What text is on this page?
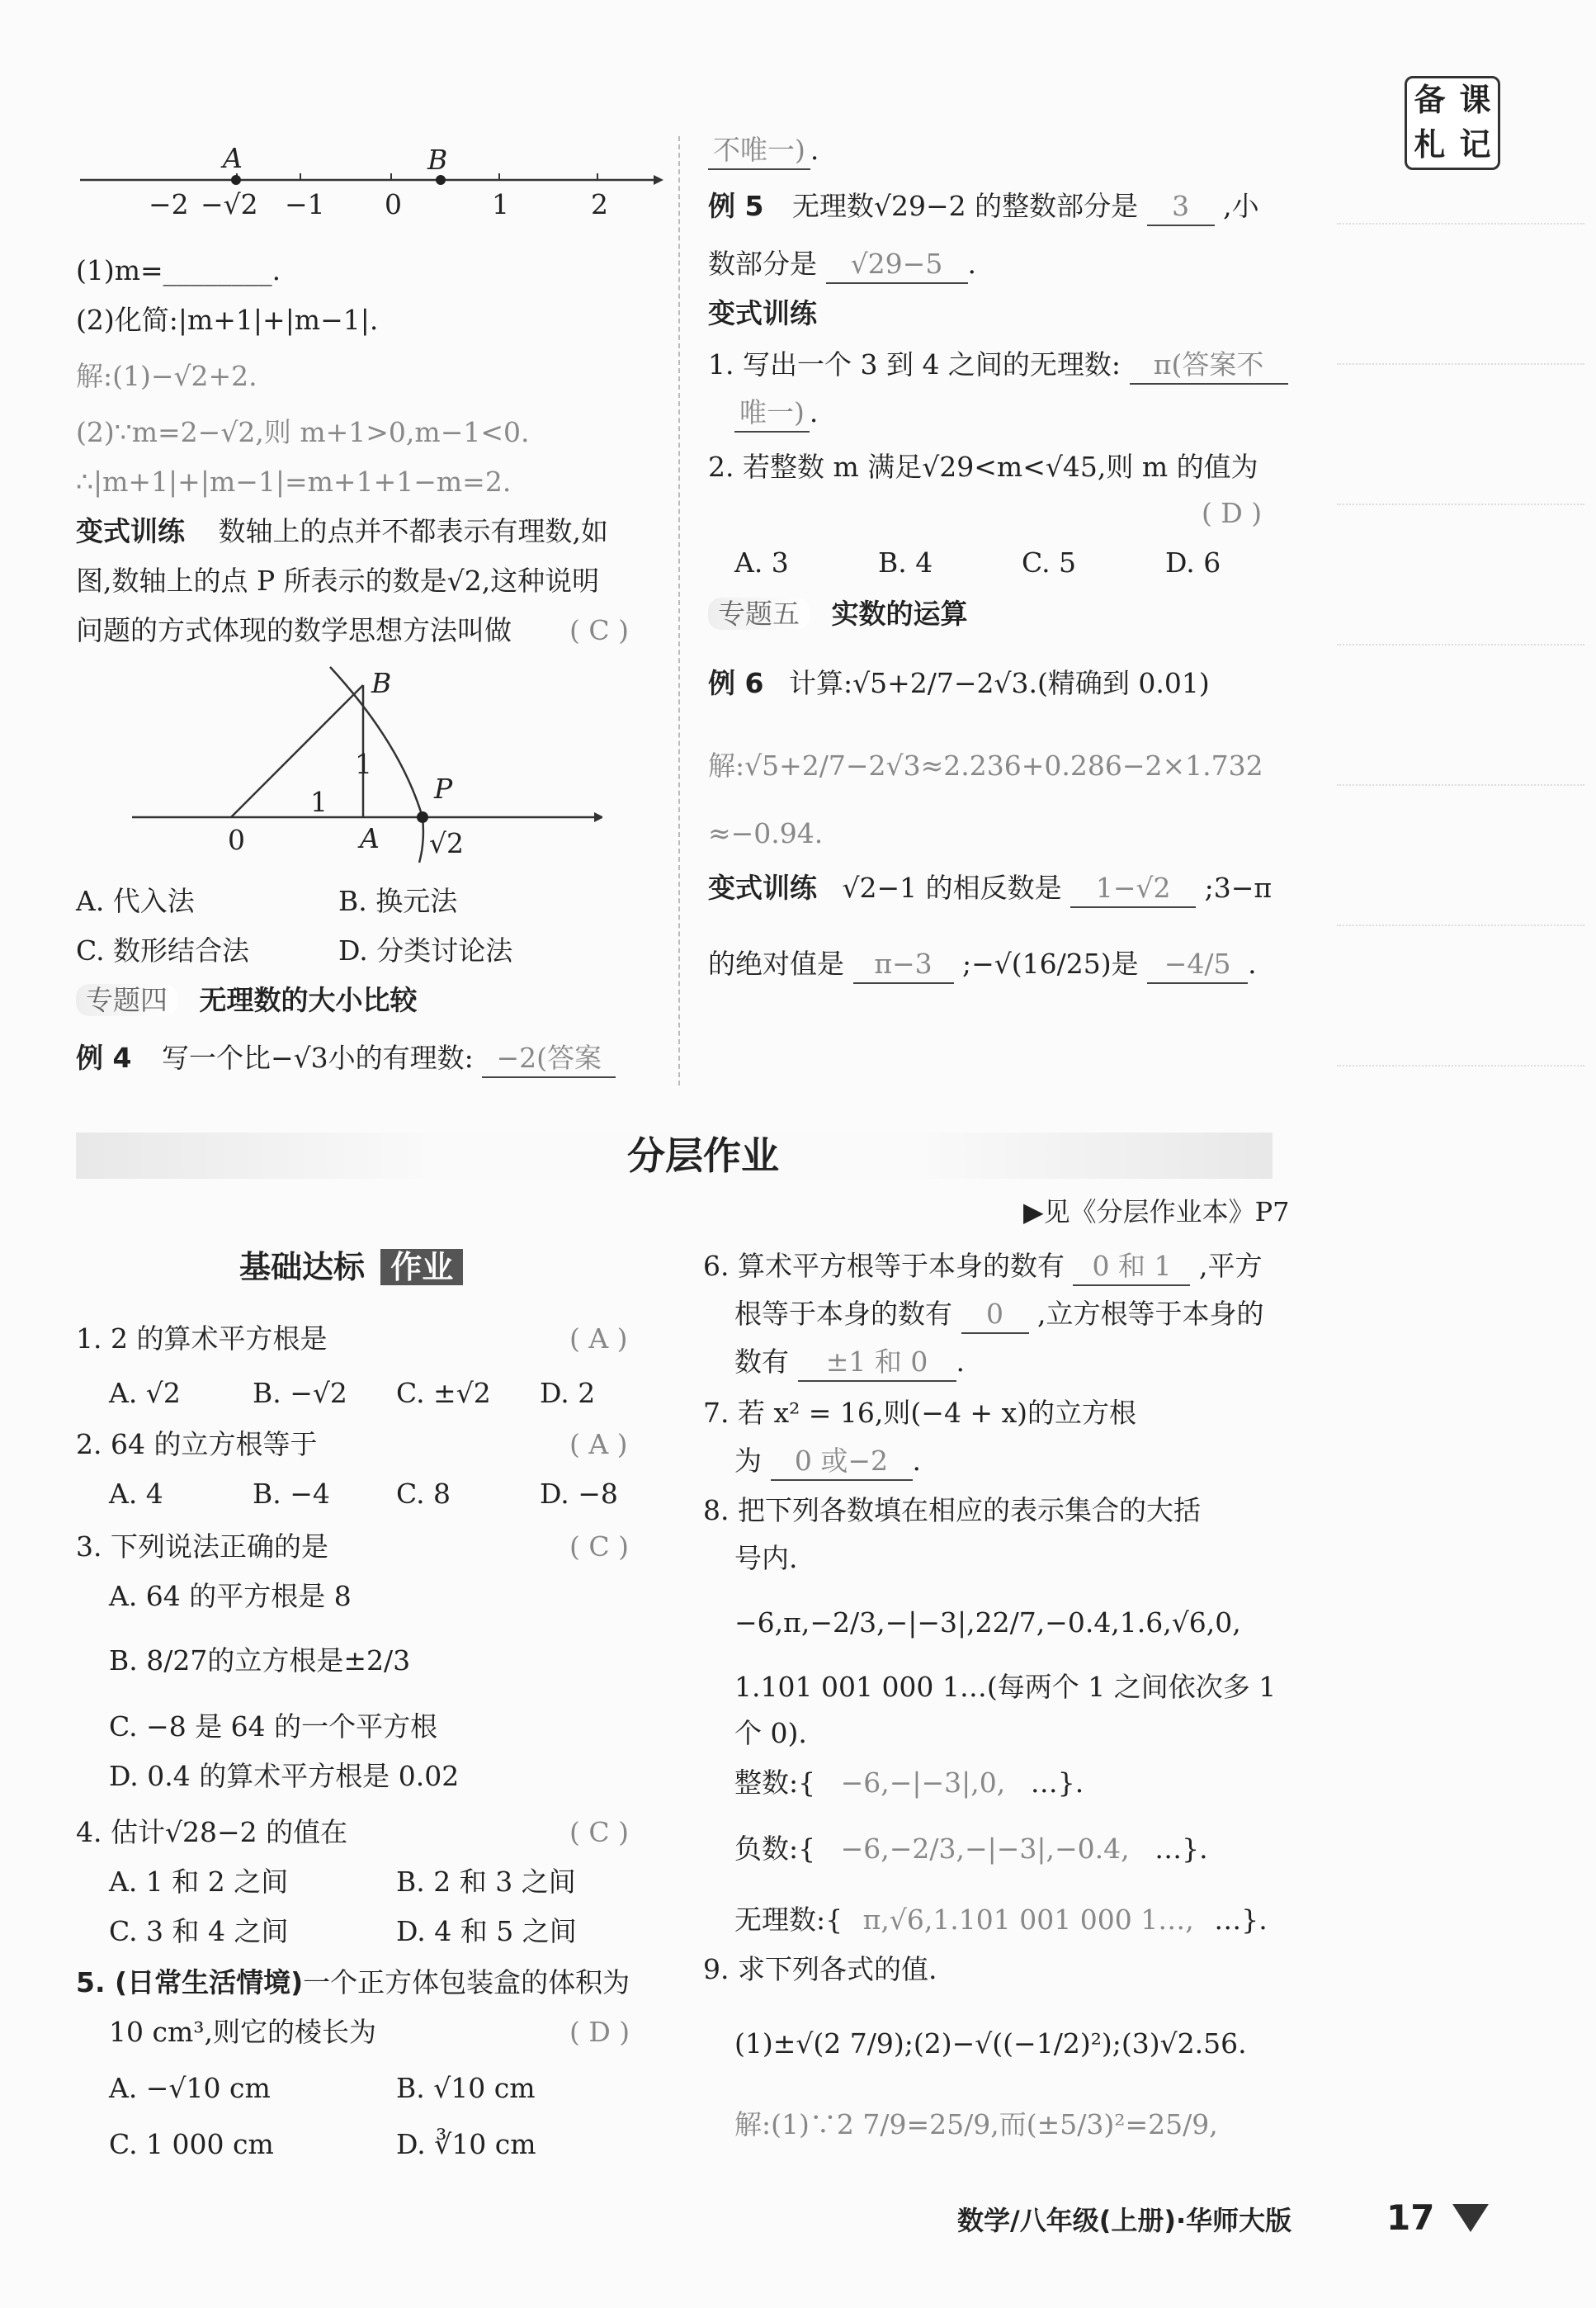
备 课
札 记
A	B
−2 −√2 −1 0	1	2
(1)m=________.
(2)化简:|m+1|+|m−1|.
解:(1)−√2+2.
(2)∵m=2−√2,则 m+1>0,m−1<0.
∴|m+1|+|m−1|=m+1+1−m=2.
变式训练 数轴上的点并不都表示有理数,如
图,数轴上的点 P 所表示的数是√2,这种说明
问题的方式体现的数学思想方法叫做 ( C )
B
1
1	P
0	A √2
A. 代入法	B. 换元法
C. 数形结合法	D. 分类讨论法
专题四 无理数的大小比较
例 4 写一个比−√3小的有理数: −2(答案
不唯一) .
例 5 无理数√29−2 的整数部分是 3 ,小
数部分是 √29−5 .
变式训练
1. 写出一个 3 到 4 之间的无理数: π(答案不
唯一) .
2. 若整数 m 满足√29<m<√45,则 m 的值为
( D )
A. 3	B. 4	C. 5	D. 6
专题五 实数的运算
例 6 计算:√5+2/7−2√3.(精确到 0.01)
解:√5+2/7−2√3≈2.236+0.286−2×1.732
≈−0.94.
变式训练 √2−1 的相反数是 1−√2 ;3−π
的绝对值是 π−3 ;−√(16/25)是 −4/5 .
分层作业
▶见《分层作业本》P7
基础达标 作业
1. 2 的算术平方根是	( A )
A. √2	B. −√2 C. ±√2 D. 2
2. 64 的立方根等于	( A )
A. 4	B. −4 C. 8	D. −8
3. 下列说法正确的是	( C )
A. 64 的平方根是 8
B. 8/27的立方根是±2/3
C. −8 是 64 的一个平方根
D. 0.4 的算术平方根是 0.02
4. 估计√28−2 的值在	( C )
A. 1 和 2 之间	B. 2 和 3 之间
C. 3 和 4 之间	D. 4 和 5 之间
5. (日常生活情境)一个正方体包装盒的体积为
10 cm³,则它的棱长为	( D )
A. −√10 cm	B. √10 cm
C. 1 000 cm	D. ∛10 cm
6. 算术平方根等于本身的数有 0 和 1 ,平方
根等于本身的数有 0 ,立方根等于本身的
数有 ±1 和 0 .
7. 若 x² = 16,则(−4 + x)的立方根
为 0 或−2 .
8. 把下列各数填在相应的表示集合的大括
号内.
−6,π,−2/3,−|−3|,22/7,−0.4,1.6,√6,0,
1.101 001 000 1…(每两个 1 之间依次多 1
个 0).
整数:{ −6,−|−3|,0, …}.
负数:{ −6,−2/3,−|−3|,−0.4, …}.
无理数:{ π,√6,1.101 001 000 1…, …}.
9. 求下列各式的值.
(1)±√(2 7/9);(2)−√((−1/2)²);(3)√2.56.
解:(1)∵2 7/9=25/9,而(±5/3)²=25/9,
数学/八年级(上册)·华师大版	17
